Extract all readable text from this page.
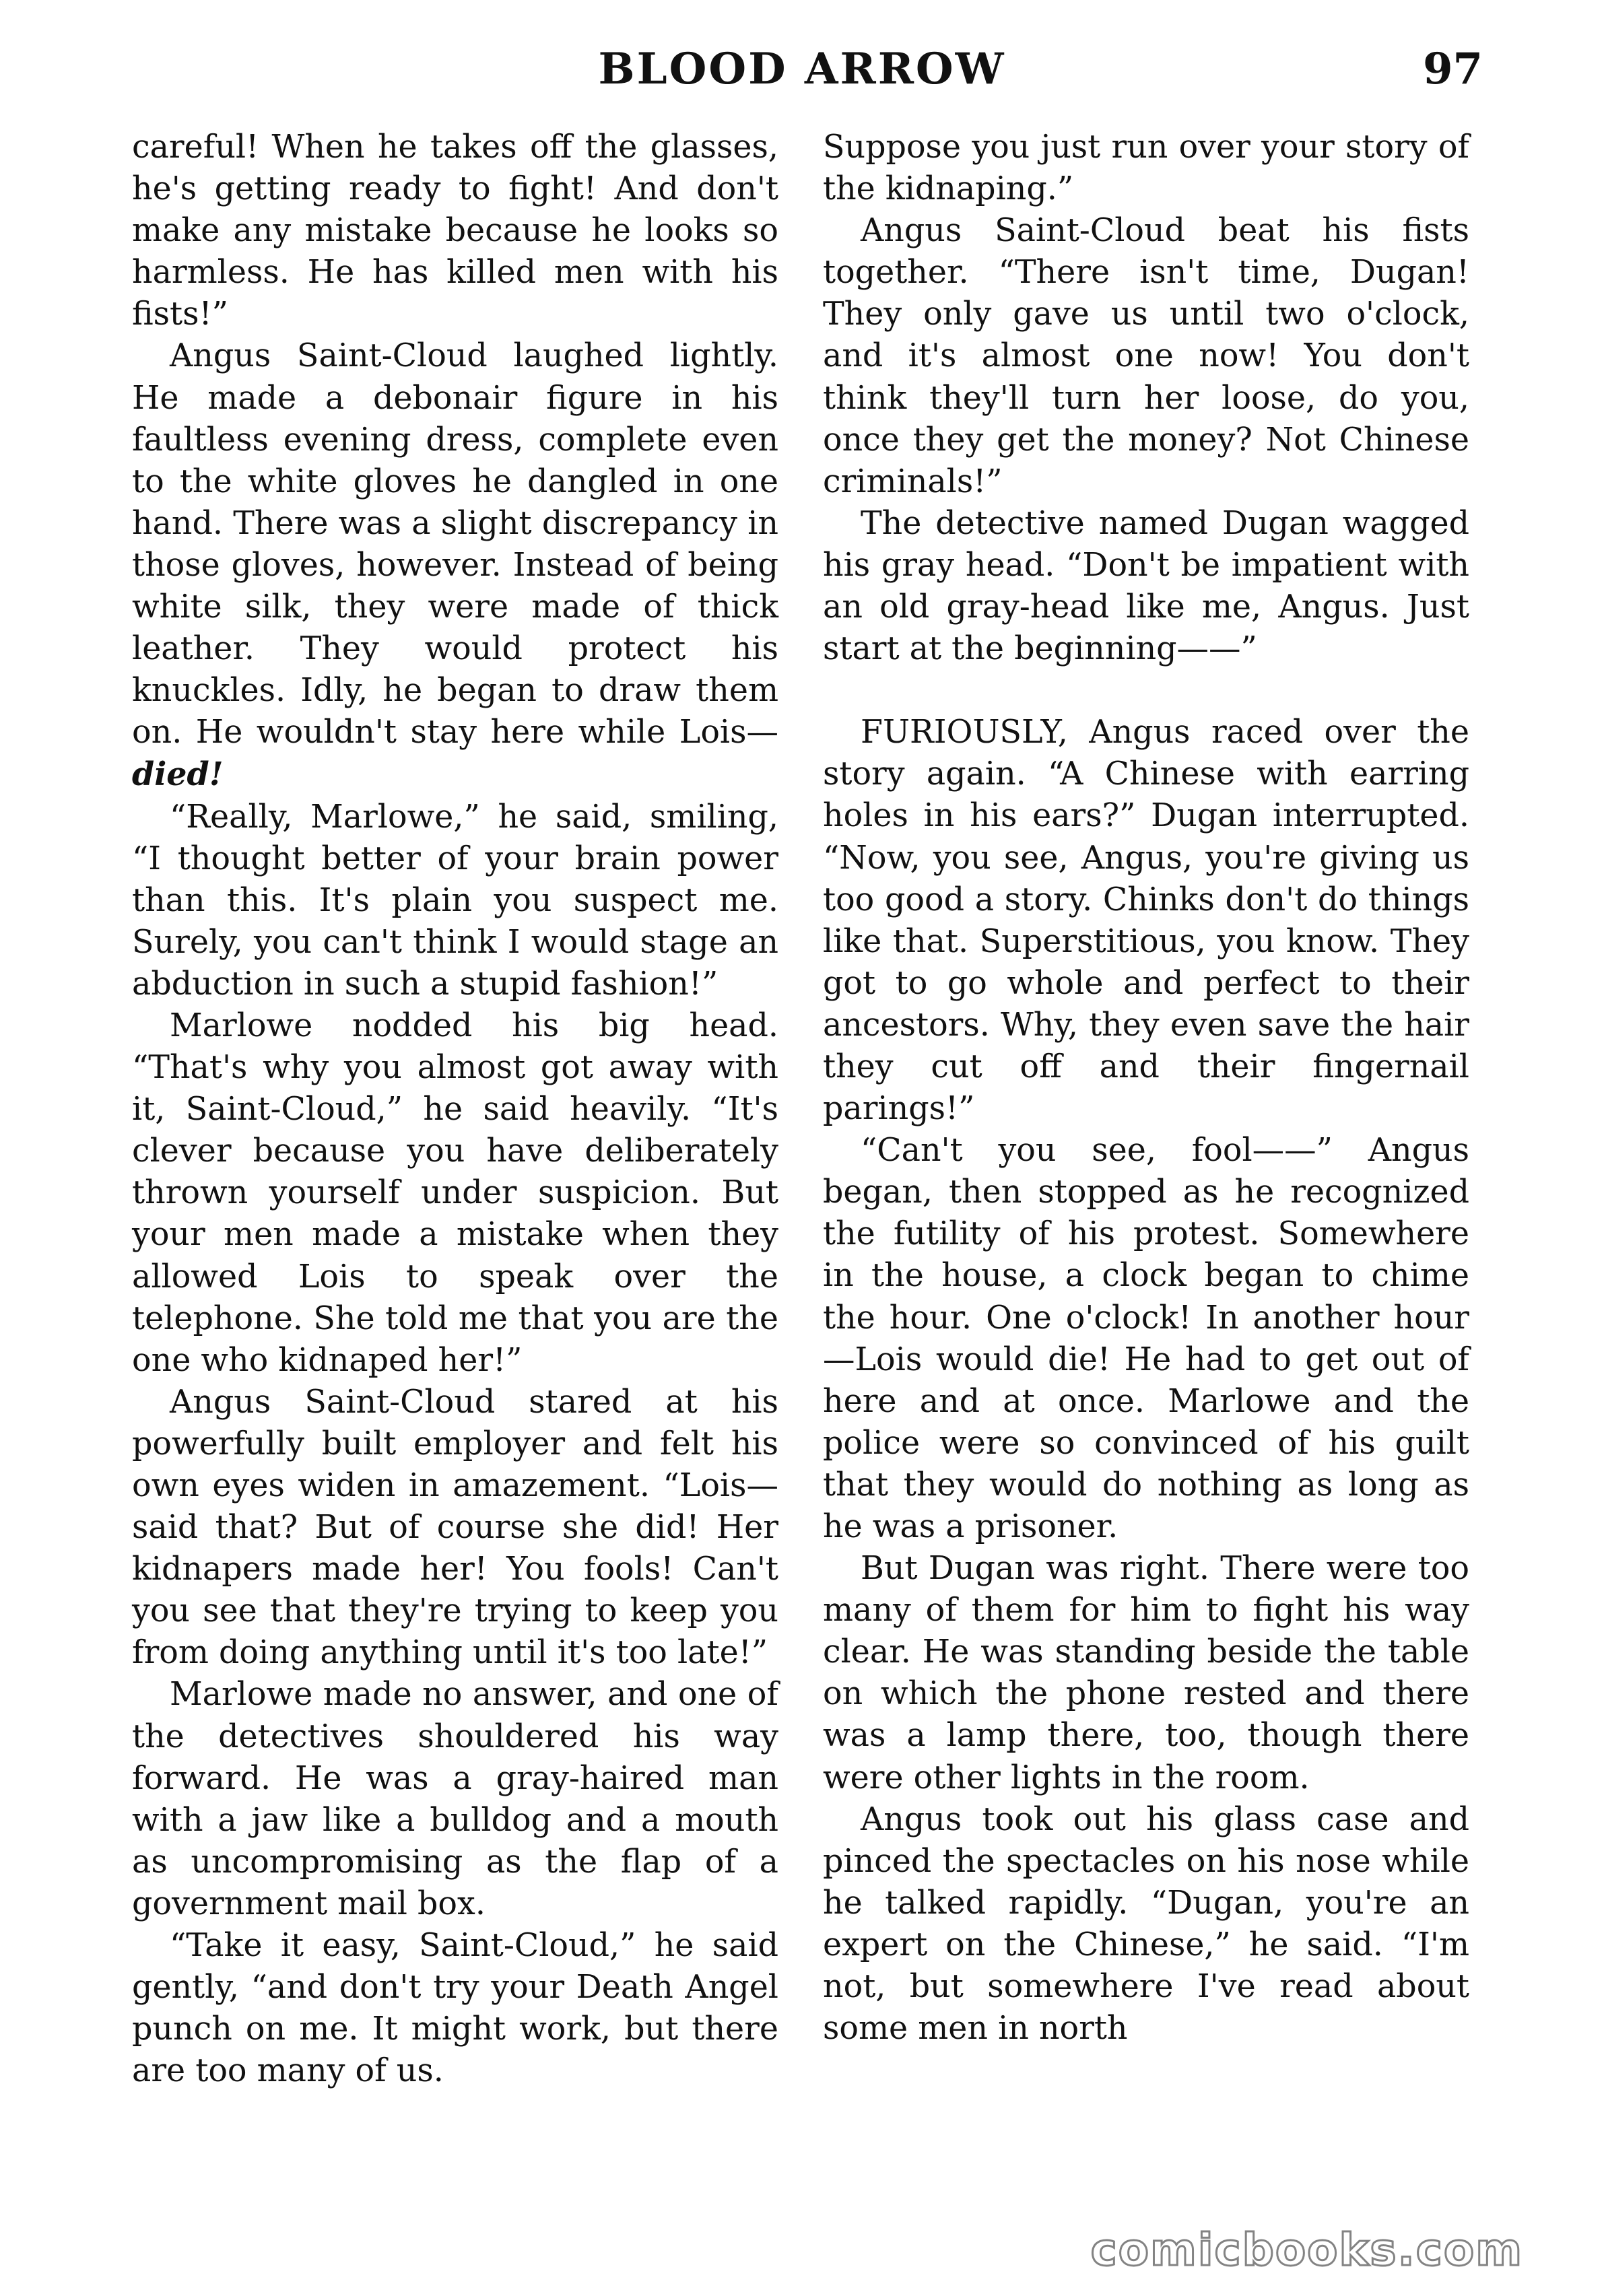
BLOOD ARROW	97

careful! When he takes off the glasses, he's getting ready to fight! And don't make any mistake because he looks so harmless. He has killed men with his fists!”

Angus Saint-Cloud laughed lightly. He made a debonair figure in his faultless evening dress, complete even to the white gloves he dangled in one hand. There was a slight discrepancy in those gloves, however. Instead of being white silk, they were made of thick leather. They would protect his knuckles. Idly, he began to draw them on. He wouldn't stay here while Lois—died!

“Really, Marlowe,” he said, smiling, “I thought better of your brain power than this. It's plain you suspect me. Surely, you can't think I would stage an abduction in such a stupid fashion!”

Marlowe nodded his big head. “That's why you almost got away with it, Saint-Cloud,” he said heavily. “It's clever because you have deliberately thrown yourself under suspicion. But your men made a mistake when they allowed Lois to speak over the telephone. She told me that you are the one who kidnaped her!”

Angus Saint-Cloud stared at his powerfully built employer and felt his own eyes widen in amazement. “Lois—said that? But of course she did! Her kidnapers made her! You fools! Can't you see that they're trying to keep you from doing anything until it's too late!”

Marlowe made no answer, and one of the detectives shouldered his way forward. He was a gray-haired man with a jaw like a bulldog and a mouth as uncompromising as the flap of a government mail box.

“Take it easy, Saint-Cloud,” he said gently, “and don't try your Death Angel punch on me. It might work, but there are too many of us.

Suppose you just run over your story of the kidnaping.”

Angus Saint-Cloud beat his fists together. “There isn't time, Dugan! They only gave us until two o'clock, and it's almost one now! You don't think they'll turn her loose, do you, once they get the money? Not Chinese criminals!”

The detective named Dugan wagged his gray head. “Don't be impatient with an old gray-head like me, Angus. Just start at the beginning——”

FURIOUSLY, Angus raced over the story again. “A Chinese with earring holes in his ears?” Dugan interrupted. “Now, you see, Angus, you're giving us too good a story. Chinks don't do things like that. Superstitious, you know. They got to go whole and perfect to their ancestors. Why, they even save the hair they cut off and their fingernail parings!”

“Can't you see, fool——” Angus began, then stopped as he recognized the futility of his protest. Somewhere in the house, a clock began to chime the hour. One o'clock! In another hour—Lois would die! He had to get out of here and at once. Marlowe and the police were so convinced of his guilt that they would do nothing as long as he was a prisoner.

But Dugan was right. There were too many of them for him to fight his way clear. He was standing beside the table on which the phone rested and there was a lamp there, too, though there were other lights in the room.

Angus took out his glass case and pinced the spectacles on his nose while he talked rapidly. “Dugan, you're an expert on the Chinese,” he said. “I'm not, but somewhere I've read about some men in north

comicbooks.com
